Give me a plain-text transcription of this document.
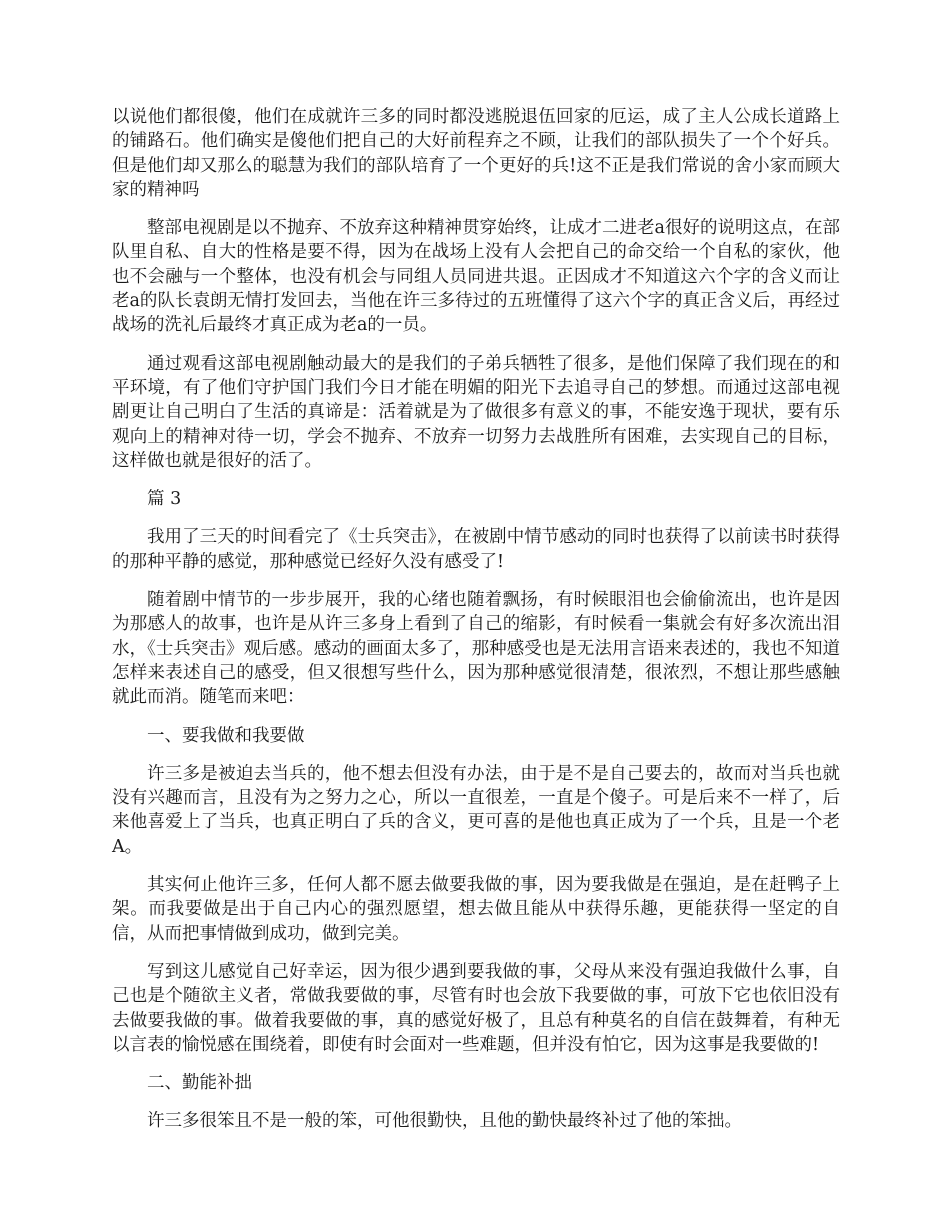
以说他们都很傻，他们在成就许三多的同时都没逃脱退伍回家的厄运，成了主人公成长道路上的铺路石。他们确实是傻他们把自己的大好前程弃之不顾，让我们的部队损失了一个个好兵。但是他们却又那么的聪慧为我们的部队培育了一个更好的兵!这不正是我们常说的舍小家而顾大家的精神吗

整部电视剧是以不抛弃、不放弃这种精神贯穿始终，让成才二进老a很好的说明这点，在部队里自私、自大的性格是要不得，因为在战场上没有人会把自己的命交给一个自私的家伙，他也不会融与一个整体，也没有机会与同组人员同进共退。正因成才不知道这六个字的含义而让老a的队长袁朗无情打发回去，当他在许三多待过的五班懂得了这六个字的真正含义后，再经过战场的洗礼后最终才真正成为老a的一员。

通过观看这部电视剧触动最大的是我们的子弟兵牺牲了很多，是他们保障了我们现在的和平环境，有了他们守护国门我们今日才能在明媚的阳光下去追寻自己的梦想。而通过这部电视剧更让自己明白了生活的真谛是：活着就是为了做很多有意义的事，不能安逸于现状，要有乐观向上的精神对待一切，学会不抛弃、不放弃一切努力去战胜所有困难，去实现自己的目标，这样做也就是很好的活了。

篇 3

我用了三天的时间看完了《士兵突击》，在被剧中情节感动的同时也获得了以前读书时获得的那种平静的感觉，那种感觉已经好久没有感受了!

随着剧中情节的一步步展开，我的心绪也随着飘扬，有时候眼泪也会偷偷流出，也许是因为那感人的故事，也许是从许三多身上看到了自己的缩影，有时候看一集就会有好多次流出泪水，《士兵突击》观后感。感动的画面太多了，那种感受也是无法用言语来表述的，我也不知道怎样来表述自己的感受，但又很想写些什么，因为那种感觉很清楚，很浓烈，不想让那些感触就此而消。随笔而来吧：

一、要我做和我要做

许三多是被迫去当兵的，他不想去但没有办法，由于是不是自己要去的，故而对当兵也就没有兴趣而言，且没有为之努力之心，所以一直很差，一直是个傻子。可是后来不一样了，后来他喜爱上了当兵，也真正明白了兵的含义，更可喜的是他也真正成为了一个兵，且是一个老A。

其实何止他许三多，任何人都不愿去做要我做的事，因为要我做是在强迫，是在赶鸭子上架。而我要做是出于自己内心的强烈愿望，想去做且能从中获得乐趣，更能获得一坚定的自信，从而把事情做到成功，做到完美。

写到这儿感觉自己好幸运，因为很少遇到要我做的事，父母从来没有强迫我做什么事，自己也是个随欲主义者，常做我要做的事，尽管有时也会放下我要做的事，可放下它也依旧没有去做要我做的事。做着我要做的事，真的感觉好极了，且总有种莫名的自信在鼓舞着，有种无以言表的愉悦感在围绕着，即使有时会面对一些难题，但并没有怕它，因为这事是我要做的!

二、勤能补拙

许三多很笨且不是一般的笨，可他很勤快，且他的勤快最终补过了他的笨拙。
